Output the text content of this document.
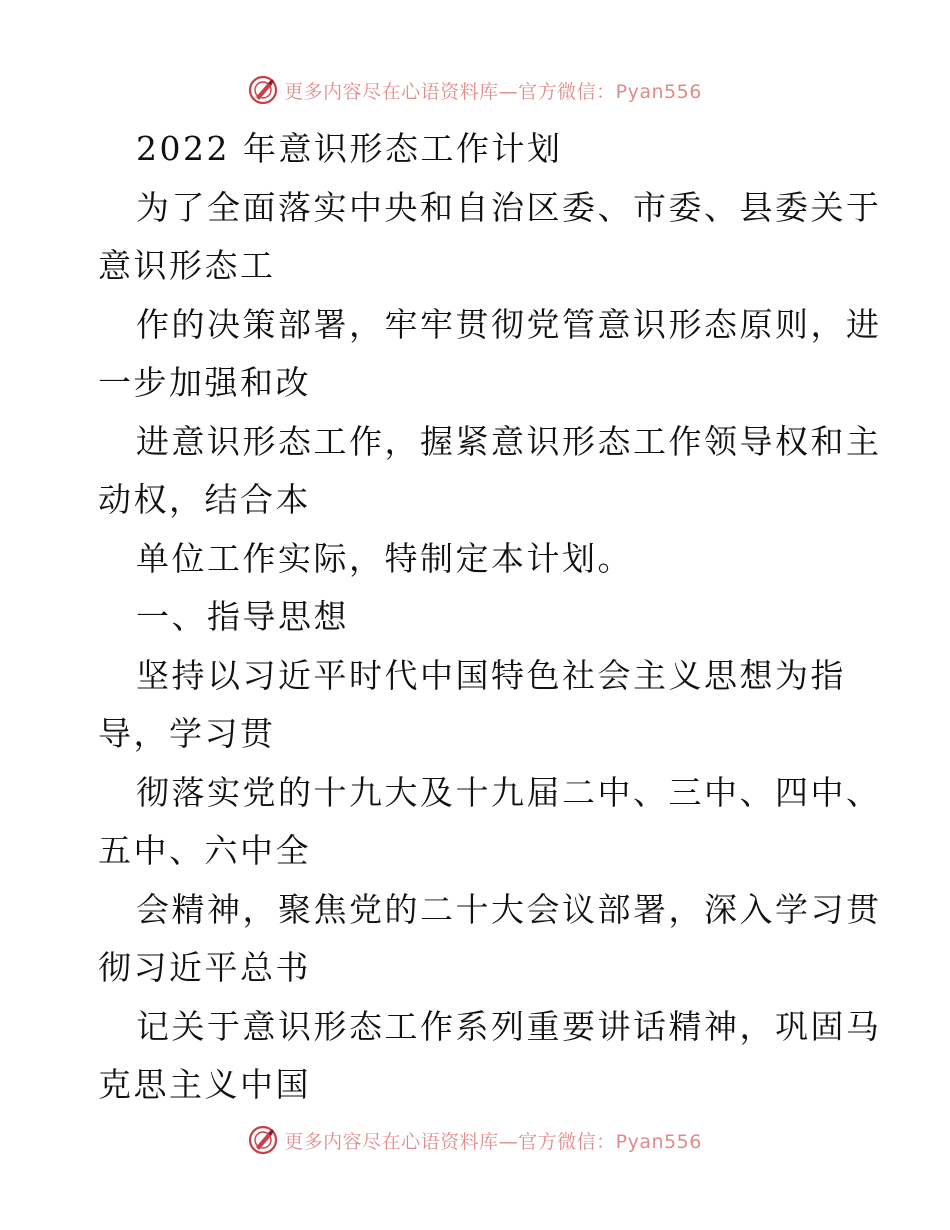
更多内容尽在心语资料库—官方微信：Pyan556
2022 年意识形态工作计划
为了全面落实中央和自治区委、市委、县委关于
意识形态工
作的决策部署，牢牢贯彻党管意识形态原则，进
一步加强和改
进意识形态工作，握紧意识形态工作领导权和主
动权，结合本
单位工作实际，特制定本计划。
一、指导思想
坚持以习近平时代中国特色社会主义思想为指
导，学习贯
彻落实党的十九大及十九届二中、三中、四中、
五中、六中全
会精神，聚焦党的二十大会议部署，深入学习贯
彻习近平总书
记关于意识形态工作系列重要讲话精神，巩固马
克思主义中国
更多内容尽在心语资料库—官方微信：Pyan556
